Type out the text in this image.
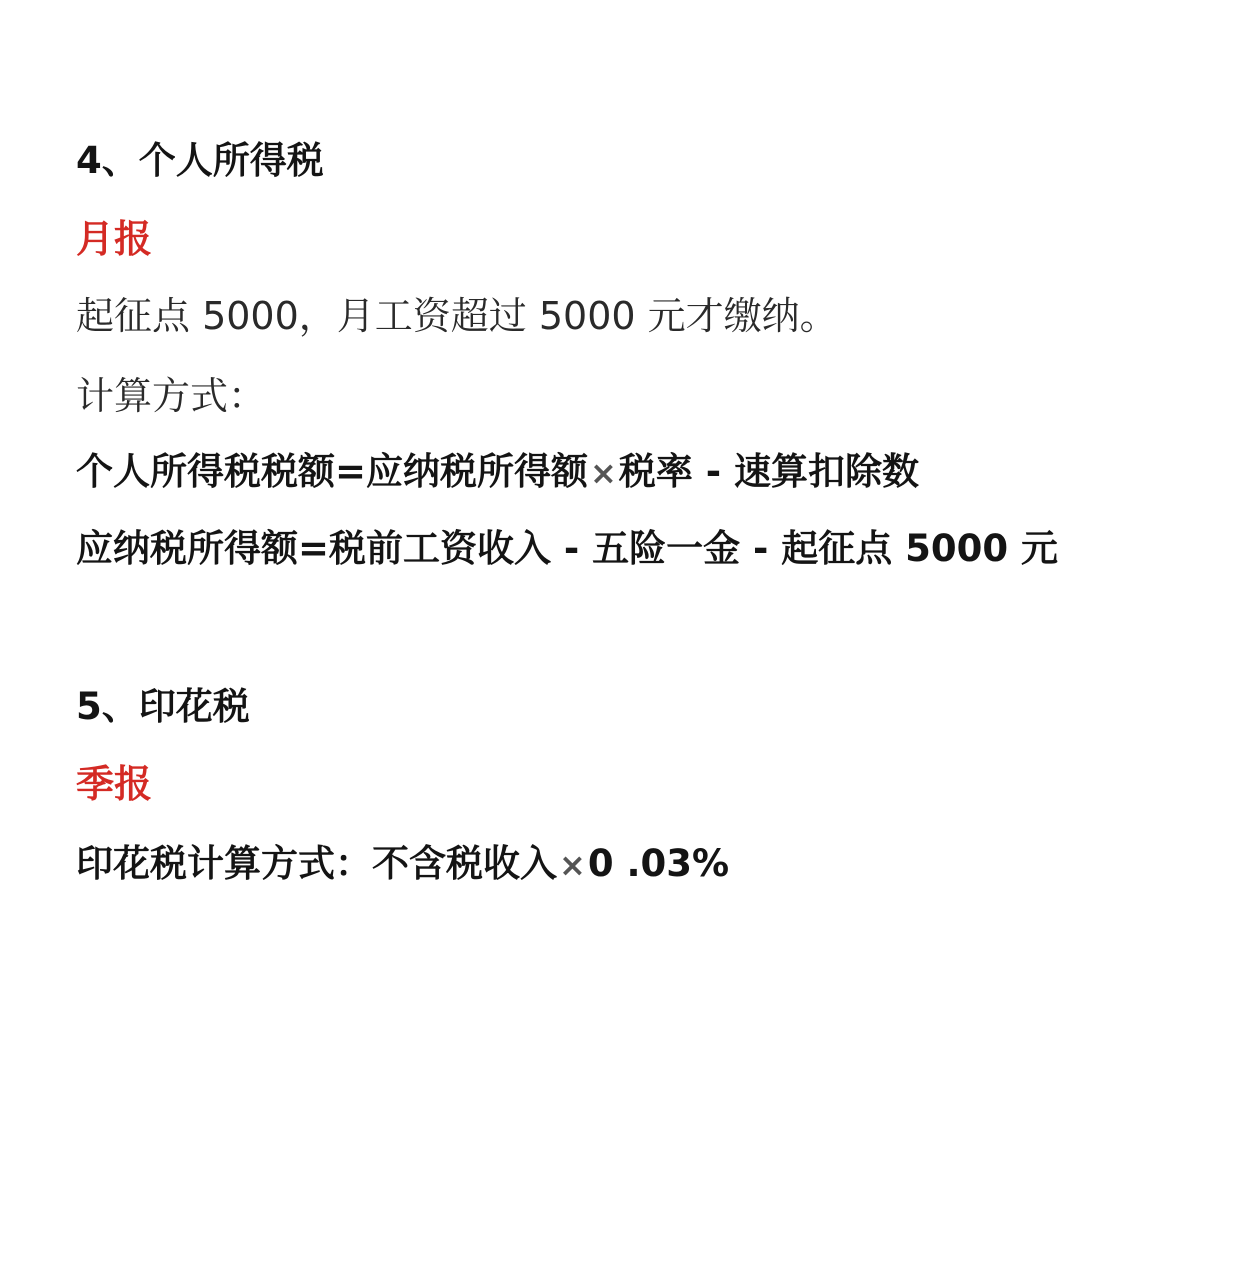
4、个人所得税
月报
起征点 5000，月工资超过 5000 元才缴纳。
计算方式：
个人所得税税额=应纳税所得额×税率 - 速算扣除数
应纳税所得额=税前工资收入 - 五险一金 - 起征点 5000 元
5、印花税
季报
印花税计算方式：不含税收入×0 .03%
